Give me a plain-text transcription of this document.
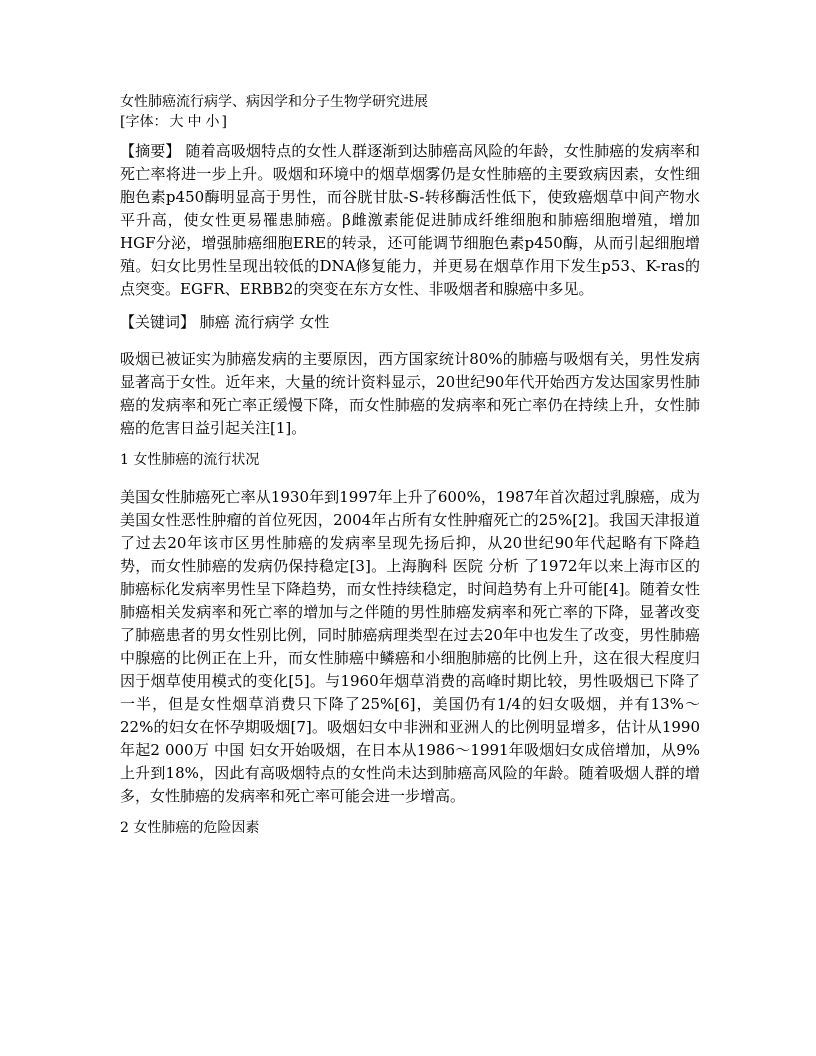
女性肺癌流行病学、病因学和分子生物学研究进展

[字体： 大 中 小 ]

【摘要】 随着高吸烟特点的女性人群逐渐到达肺癌高风险的年龄，女性肺癌的发病率和死亡率将进一步上升。吸烟和环境中的烟草烟雾仍是女性肺癌的主要致病因素，女性细胞色素p450酶明显高于男性，而谷胱甘肽-S-转移酶活性低下，使致癌烟草中间产物水平升高，使女性更易罹患肺癌。β雌激素能促进肺成纤维细胞和肺癌细胞增殖，增加HGF分泌，增强肺癌细胞ERE的转录，还可能调节细胞色素p450酶，从而引起细胞增殖。妇女比男性呈现出较低的DNA修复能力，并更易在烟草作用下发生p53、K-ras的点突变。EGFR、ERBB2的突变在东方女性、非吸烟者和腺癌中多见。

【关键词】 肺癌 流行病学 女性

吸烟已被证实为肺癌发病的主要原因，西方国家统计80%的肺癌与吸烟有关，男性发病显著高于女性。近年来，大量的统计资料显示，20世纪90年代开始西方发达国家男性肺癌的发病率和死亡率正缓慢下降，而女性肺癌的发病率和死亡率仍在持续上升，女性肺癌的危害日益引起关注[1]。

1 女性肺癌的流行状况

美国女性肺癌死亡率从1930年到1997年上升了600%，1987年首次超过乳腺癌，成为美国女性恶性肿瘤的首位死因，2004年占所有女性肿瘤死亡的25%[2]。我国天津报道了过去20年该市区男性肺癌的发病率呈现先扬后抑，从20世纪90年代起略有下降趋势，而女性肺癌的发病仍保持稳定[3]。上海胸科 医院 分析 了1972年以来上海市区的肺癌标化发病率男性呈下降趋势，而女性持续稳定，时间趋势有上升可能[4]。随着女性肺癌相关发病率和死亡率的增加与之伴随的男性肺癌发病率和死亡率的下降，显著改变了肺癌患者的男女性别比例，同时肺癌病理类型在过去20年中也发生了改变，男性肺癌中腺癌的比例正在上升，而女性肺癌中鳞癌和小细胞肺癌的比例上升，这在很大程度归因于烟草使用模式的变化[5]。与1960年烟草消费的高峰时期比较，男性吸烟已下降了一半，但是女性烟草消费只下降了25%[6]，美国仍有1/4的妇女吸烟，并有13%～22%的妇女在怀孕期吸烟[7]。吸烟妇女中非洲和亚洲人的比例明显增多，估计从1990年起2 000万 中国 妇女开始吸烟，在日本从1986～1991年吸烟妇女成倍增加，从9%上升到18%，因此有高吸烟特点的女性尚未达到肺癌高风险的年龄。随着吸烟人群的增多，女性肺癌的发病率和死亡率可能会进一步增高。

2 女性肺癌的危险因素
